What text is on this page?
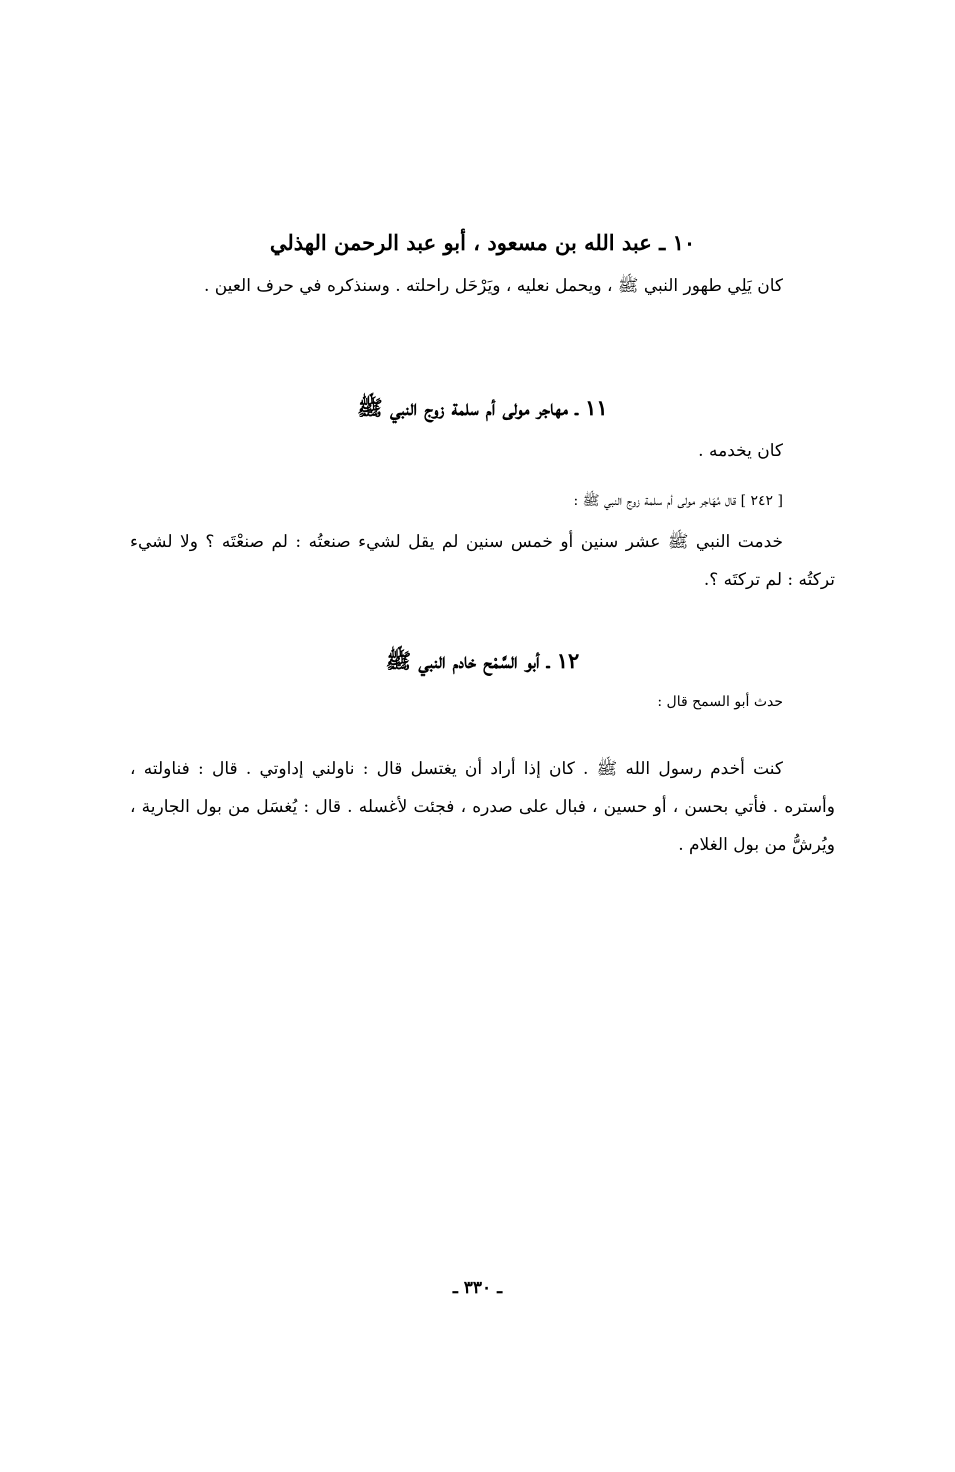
١٠ ـ عبد الله بن مسعود ، أبو عبد الرحمن الهذلي
كان يَلِي طهور النبي ﷺ ، ويحمل نعليه ، ويَرْحَل راحلته . وسنذكره في حرف العين .
١١ ـ مهاجر مولى أم سلمة زوج النبي ﷺ
كان يخدمه .
[ ٢٤٢ ] قال مُهَاجر مولى أم سلمة زوج النبي ﷺ :
خدمت النبي ﷺ عشر سنين أو خمس سنين لم يقل لشيء صنعتُه : لم صنعْتَه ؟ ولا لشيء تركتُه : لم تركتَه ؟.
١٢ ـ أبو السَّمْح خادم النبي ﷺ
حدث أبو السمح قال :
كنت أخدم رسول الله ﷺ . كان إذا أراد أن يغتسل قال : ناولني إداوتي . قال : فناولته ، وأستره . فأتي بحسن ، أو حسين ، فبال على صدره ، فجئت لأغسله . قال : يُغسَل من بول الجارية ، ويُرشُّ من بول الغلام .
ـ ٣٣٠ ـ
